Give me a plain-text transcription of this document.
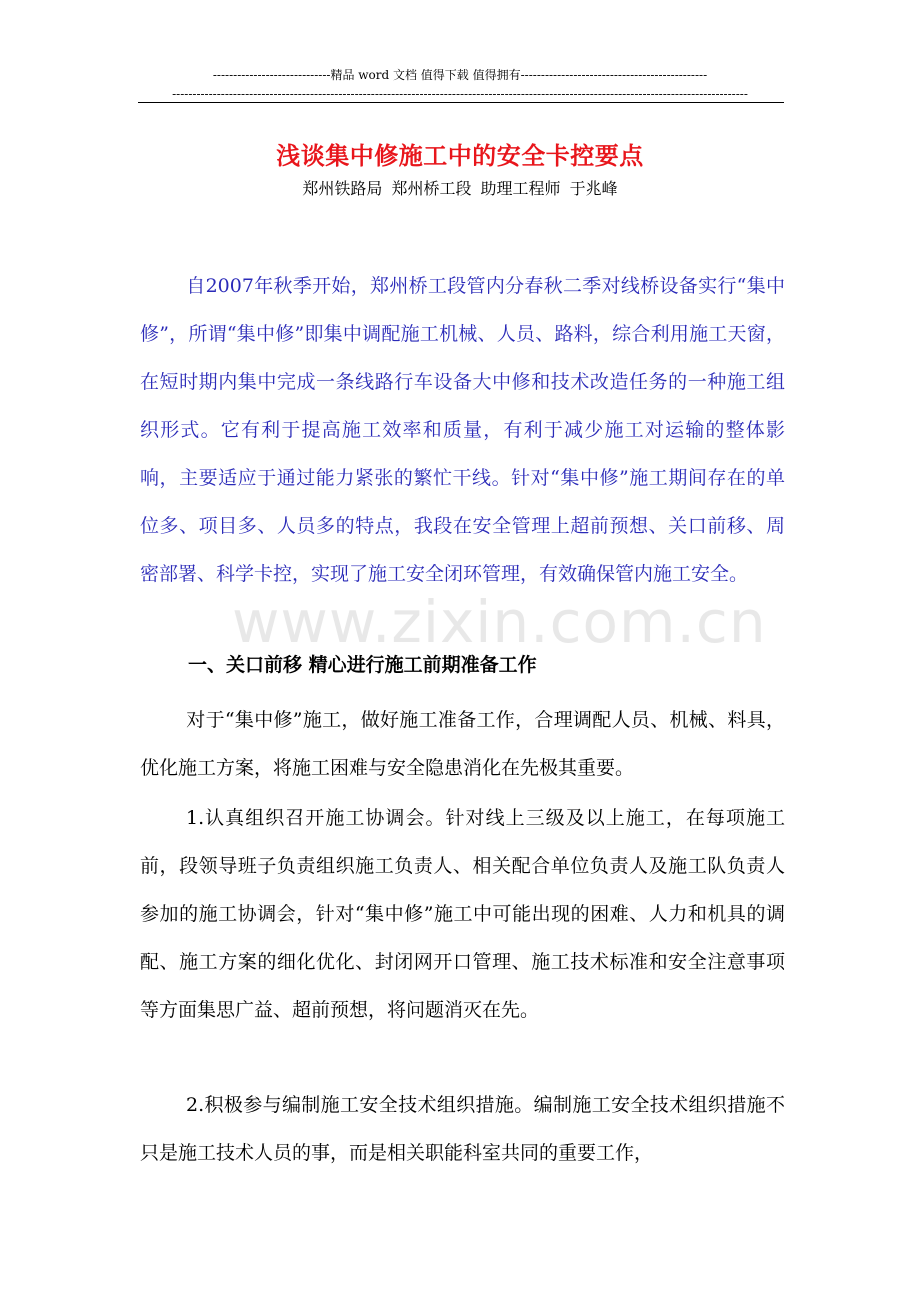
-----------------------------精品 word 文档 值得下载 值得拥有----------------------------------------------
----------------------------------------------------------------------------------------------------------------------------------------------
浅谈集中修施工中的安全卡控要点
郑州铁路局 郑州桥工段 助理工程师 于兆峰

自2007年秋季开始，郑州桥工段管内分春秋二季对线桥设备实行“集中修”，所谓“集中修”即集中调配施工机械、人员、路料，综合利用施工天窗，在短时期内集中完成一条线路行车设备大中修和技术改造任务的一种施工组织形式。它有利于提高施工效率和质量，有利于减少施工对运输的整体影响，主要适应于通过能力紧张的繁忙干线。针对“集中修”施工期间存在的单位多、项目多、人员多的特点，我段在安全管理上超前预想、关口前移、周密部署、科学卡控，实现了施工安全闭环管理，有效确保管内施工安全。

一、关口前移 精心进行施工前期准备工作

对于“集中修”施工，做好施工准备工作，合理调配人员、机械、料具，优化施工方案，将施工困难与安全隐患消化在先极其重要。

1.认真组织召开施工协调会。针对线上三级及以上施工，在每项施工前，段领导班子负责组织施工负责人、相关配合单位负责人及施工队负责人参加的施工协调会，针对“集中修”施工中可能出现的困难、人力和机具的调配、施工方案的细化优化、封闭网开口管理、施工技术标准和安全注意事项等方面集思广益、超前预想，将问题消灭在先。

2.积极参与编制施工安全技术组织措施。编制施工安全技术组织措施不只是施工技术人员的事，而是相关职能科室共同的重要工作，

www.zixin.com.cn
